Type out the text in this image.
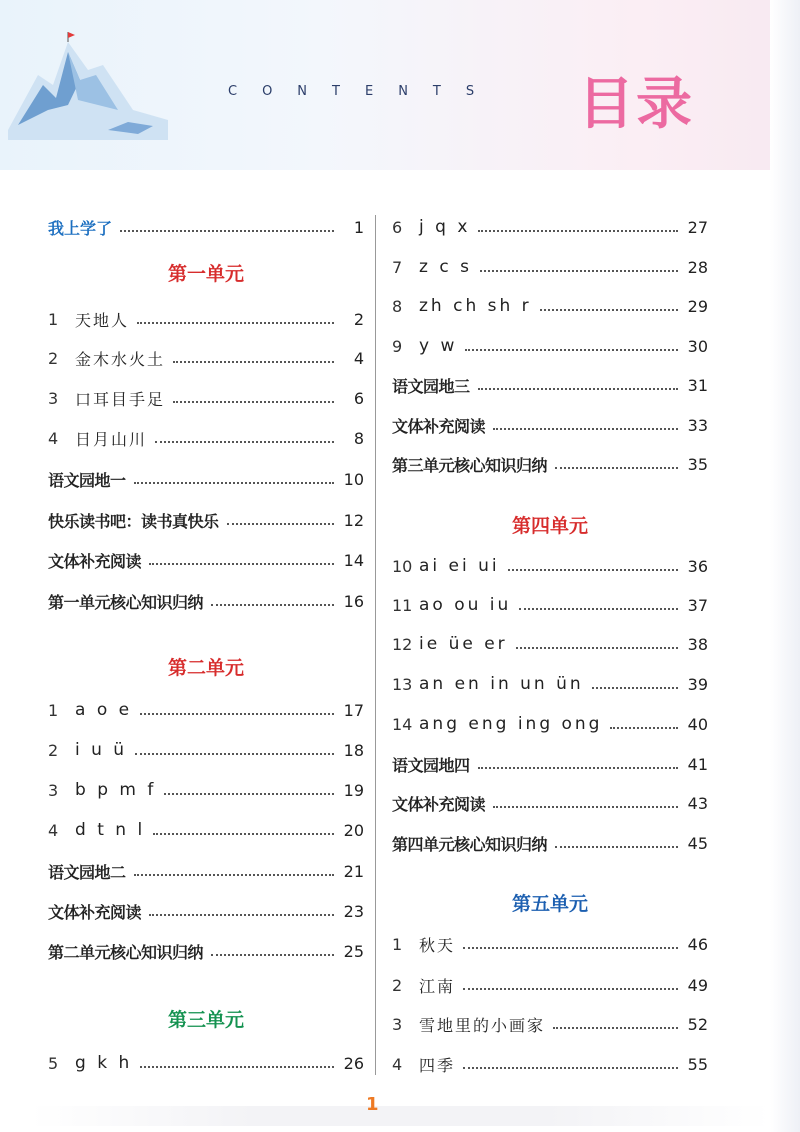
CONTENTS 目录
我上学了	1
第一单元
1	天地人	2
2	金木水火土	4
3	口耳目手足	6
4	日月山川	8
语文园地一	10
快乐读书吧：读书真快乐	12
文体补充阅读	14
第一单元核心知识归纳	16
第二单元
1 a o e	17
2 i u ü	18
3 b p m f	19
4 d t n l	20
语文园地二	21
文体补充阅读	23
第二单元核心知识归纳	25
第三单元
5 g k h	26
6 j q x	27
7 z c s	28
8 zh ch sh r	29
9 y w	30
语文园地三	31
文体补充阅读	33
第三单元核心知识归纳	35
第四单元
10 ai ei ui	36
11 ao ou iu	37
12 ie üe er	38
13 an en in un ün	39
14 ang eng ing ong	40
语文园地四	41
文体补充阅读	43
第四单元核心知识归纳	45
第五单元
1	秋天	46
2	江南	49
3	雪地里的小画家	52
4	四季	55
1
